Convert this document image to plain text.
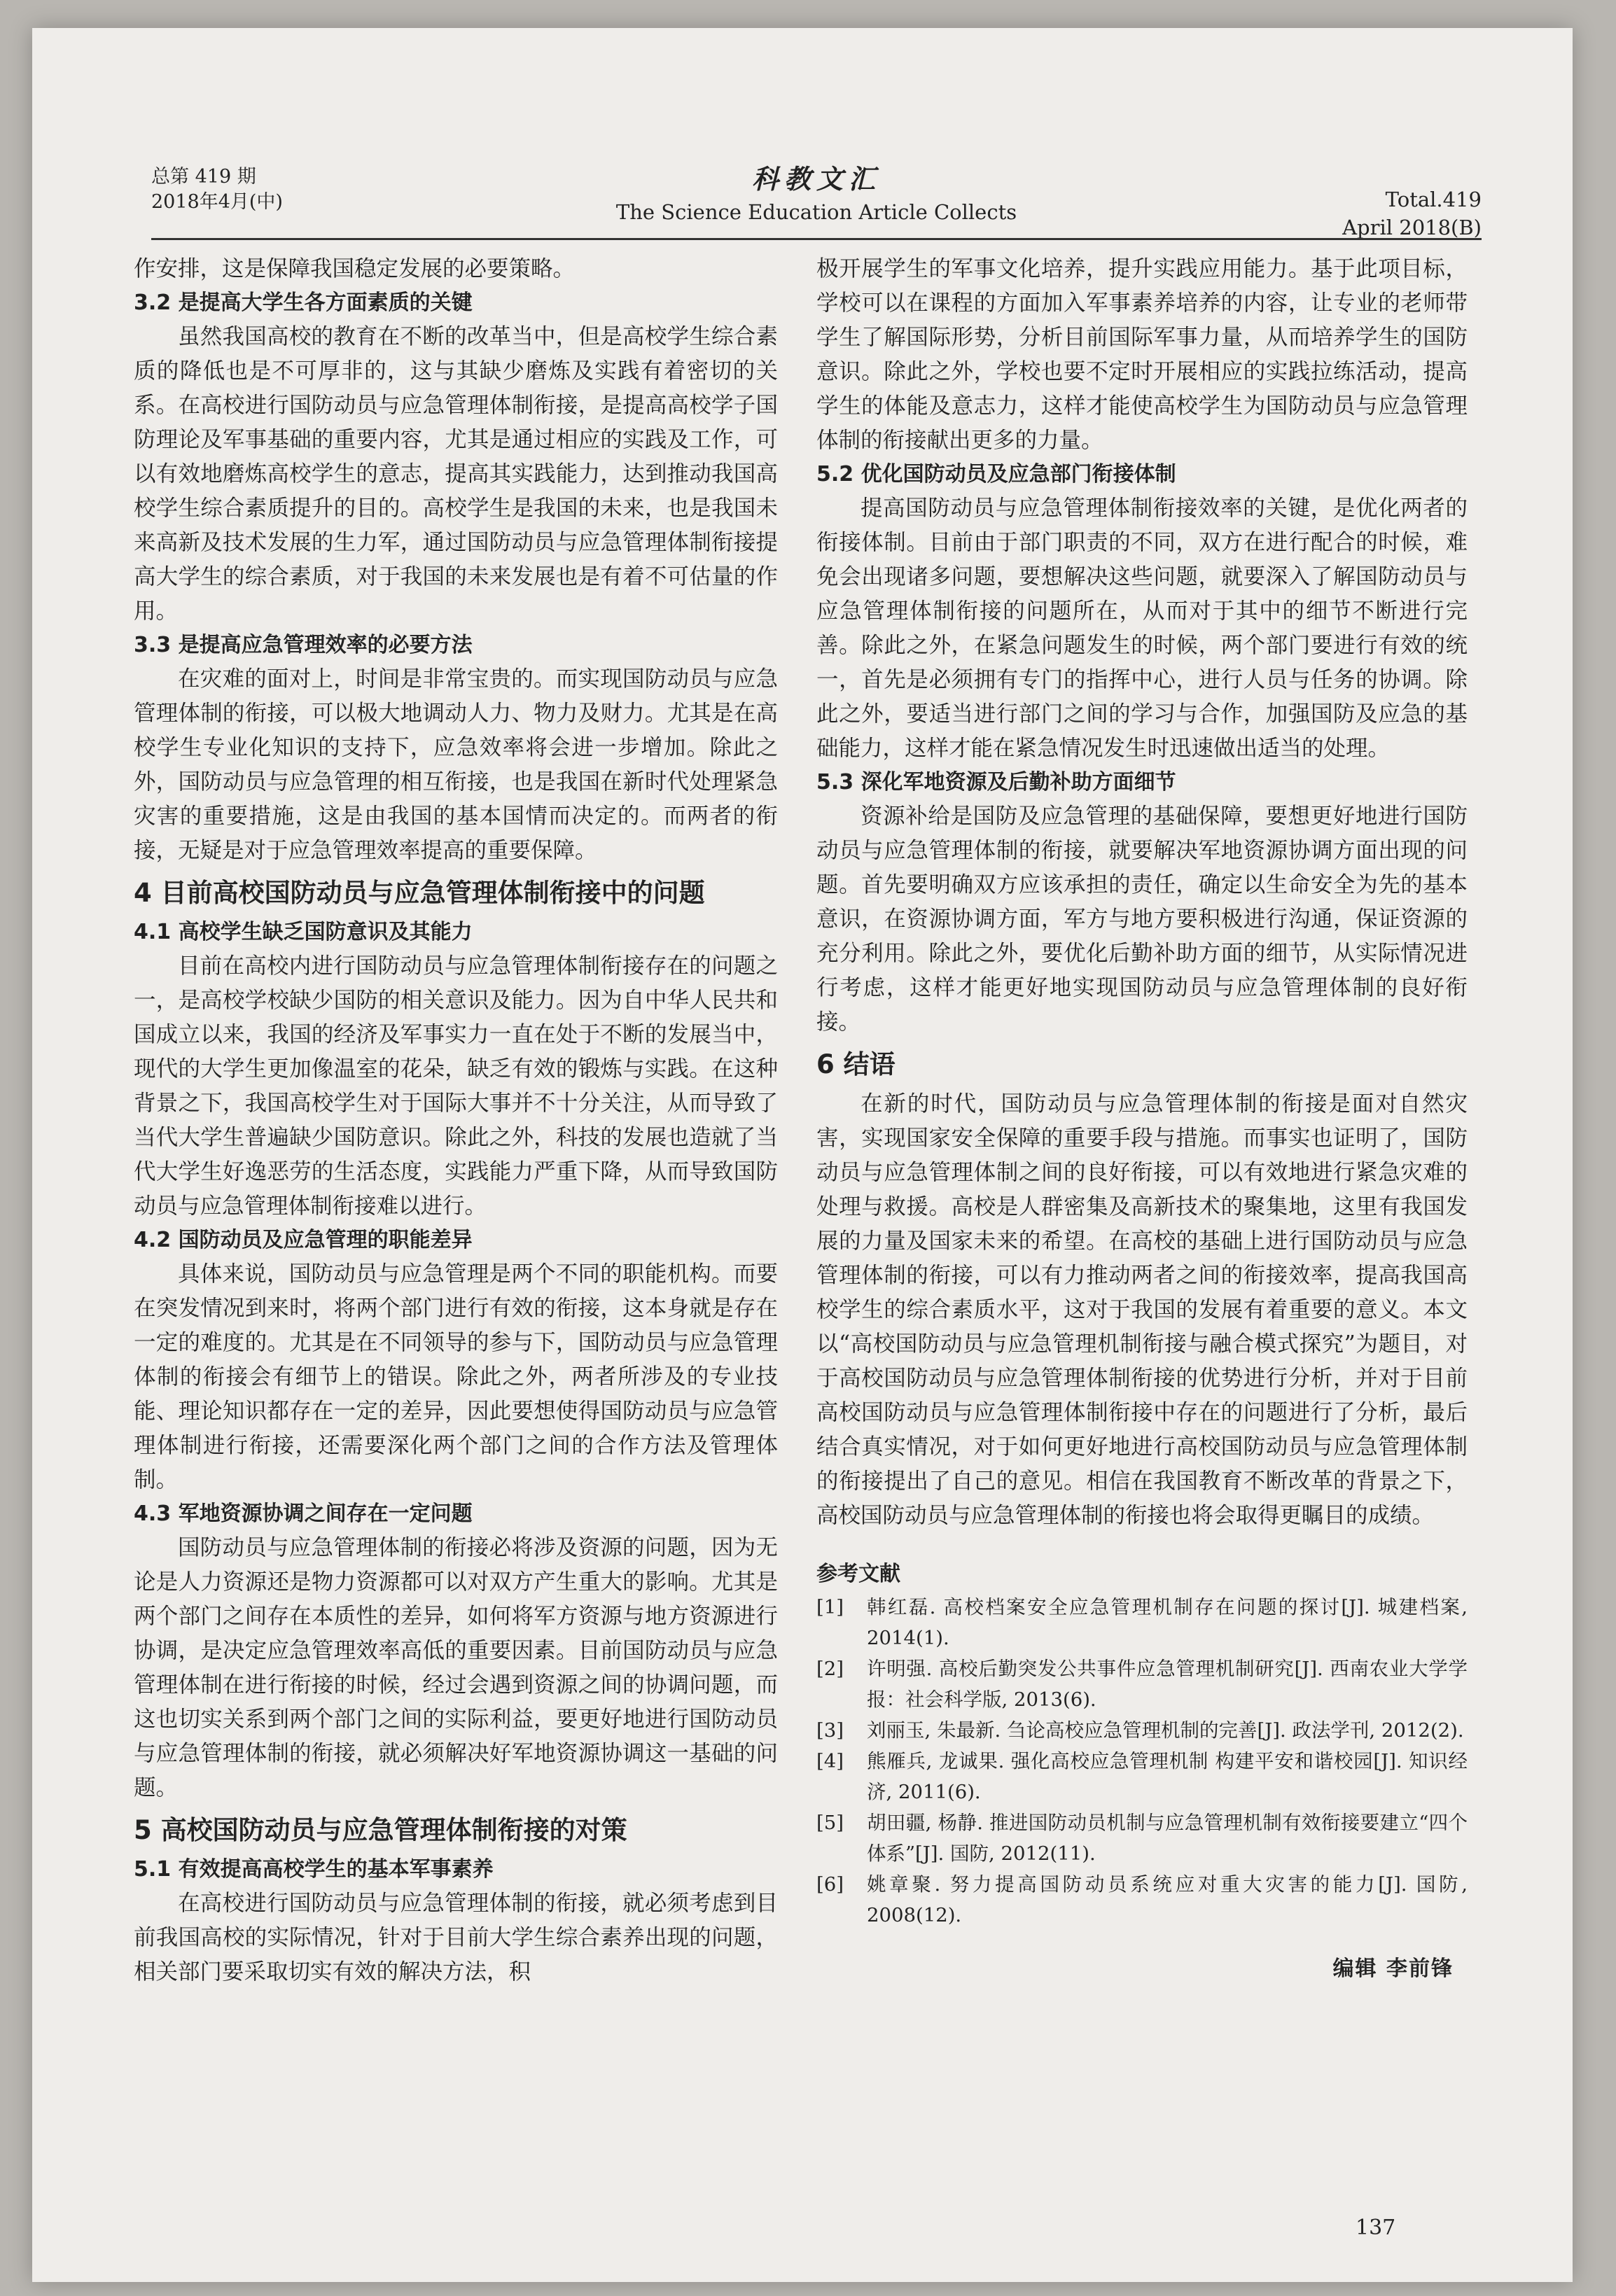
总第 419 期
2018年4月(中)
科教文汇
The Science Education Article Collects
Total.419
April 2018(B)

作安排，这是保障我国稳定发展的必要策略。

3.2 是提高大学生各方面素质的关键

虽然我国高校的教育在不断的改革当中，但是高校学生综合素质的降低也是不可厚非的，这与其缺少磨炼及实践有着密切的关系。在高校进行国防动员与应急管理体制衔接，是提高高校学子国防理论及军事基础的重要内容，尤其是通过相应的实践及工作，可以有效地磨炼高校学生的意志，提高其实践能力，达到推动我国高校学生综合素质提升的目的。高校学生是我国的未来，也是我国未来高新及技术发展的生力军，通过国防动员与应急管理体制衔接提高大学生的综合素质，对于我国的未来发展也是有着不可估量的作用。

3.3 是提高应急管理效率的必要方法

在灾难的面对上，时间是非常宝贵的。而实现国防动员与应急管理体制的衔接，可以极大地调动人力、物力及财力。尤其是在高校学生专业化知识的支持下，应急效率将会进一步增加。除此之外，国防动员与应急管理的相互衔接，也是我国在新时代处理紧急灾害的重要措施，这是由我国的基本国情而决定的。而两者的衔接，无疑是对于应急管理效率提高的重要保障。

4 目前高校国防动员与应急管理体制衔接中的问题
4.1 高校学生缺乏国防意识及其能力

目前在高校内进行国防动员与应急管理体制衔接存在的问题之一，是高校学校缺少国防的相关意识及能力。因为自中华人民共和国成立以来，我国的经济及军事实力一直在处于不断的发展当中，现代的大学生更加像温室的花朵，缺乏有效的锻炼与实践。在这种背景之下，我国高校学生对于国际大事并不十分关注，从而导致了当代大学生普遍缺少国防意识。除此之外，科技的发展也造就了当代大学生好逸恶劳的生活态度，实践能力严重下降，从而导致国防动员与应急管理体制衔接难以进行。

4.2 国防动员及应急管理的职能差异

具体来说，国防动员与应急管理是两个不同的职能机构。而要在突发情况到来时，将两个部门进行有效的衔接，这本身就是存在一定的难度的。尤其是在不同领导的参与下，国防动员与应急管理体制的衔接会有细节上的错误。除此之外，两者所涉及的专业技能、理论知识都存在一定的差异，因此要想使得国防动员与应急管理体制进行衔接，还需要深化两个部门之间的合作方法及管理体制。

4.3 军地资源协调之间存在一定问题

国防动员与应急管理体制的衔接必将涉及资源的问题，因为无论是人力资源还是物力资源都可以对双方产生重大的影响。尤其是两个部门之间存在本质性的差异，如何将军方资源与地方资源进行协调，是决定应急管理效率高低的重要因素。目前国防动员与应急管理体制在进行衔接的时候，经过会遇到资源之间的协调问题，而这也切实关系到两个部门之间的实际利益，要更好地进行国防动员与应急管理体制的衔接，就必须解决好军地资源协调这一基础的问题。

5 高校国防动员与应急管理体制衔接的对策
5.1 有效提高高校学生的基本军事素养

在高校进行国防动员与应急管理体制的衔接，就必须考虑到目前我国高校的实际情况，针对于目前大学生综合素养出现的问题，相关部门要采取切实有效的解决方法，积

极开展学生的军事文化培养，提升实践应用能力。基于此项目标，学校可以在课程的方面加入军事素养培养的内容，让专业的老师带学生了解国际形势，分析目前国际军事力量，从而培养学生的国防意识。除此之外，学校也要不定时开展相应的实践拉练活动，提高学生的体能及意志力，这样才能使高校学生为国防动员与应急管理体制的衔接献出更多的力量。

5.2 优化国防动员及应急部门衔接体制

提高国防动员与应急管理体制衔接效率的关键，是优化两者的衔接体制。目前由于部门职责的不同，双方在进行配合的时候，难免会出现诸多问题，要想解决这些问题，就要深入了解国防动员与应急管理体制衔接的问题所在，从而对于其中的细节不断进行完善。除此之外，在紧急问题发生的时候，两个部门要进行有效的统一，首先是必须拥有专门的指挥中心，进行人员与任务的协调。除此之外，要适当进行部门之间的学习与合作，加强国防及应急的基础能力，这样才能在紧急情况发生时迅速做出适当的处理。

5.3 深化军地资源及后勤补助方面细节

资源补给是国防及应急管理的基础保障，要想更好地进行国防动员与应急管理体制的衔接，就要解决军地资源协调方面出现的问题。首先要明确双方应该承担的责任，确定以生命安全为先的基本意识，在资源协调方面，军方与地方要积极进行沟通，保证资源的充分利用。除此之外，要优化后勤补助方面的细节，从实际情况进行考虑，这样才能更好地实现国防动员与应急管理体制的良好衔接。

6 结语

在新的时代，国防动员与应急管理体制的衔接是面对自然灾害，实现国家安全保障的重要手段与措施。而事实也证明了，国防动员与应急管理体制之间的良好衔接，可以有效地进行紧急灾难的处理与救援。高校是人群密集及高新技术的聚集地，这里有我国发展的力量及国家未来的希望。在高校的基础上进行国防动员与应急管理体制的衔接，可以有力推动两者之间的衔接效率，提高我国高校学生的综合素质水平，这对于我国的发展有着重要的意义。本文以“高校国防动员与应急管理机制衔接与融合模式探究”为题目，对于高校国防动员与应急管理体制衔接的优势进行分析，并对于目前高校国防动员与应急管理体制衔接中存在的问题进行了分析，最后结合真实情况，对于如何更好地进行高校国防动员与应急管理体制的衔接提出了自己的意见。相信在我国教育不断改革的背景之下，高校国防动员与应急管理体制的衔接也将会取得更瞩目的成绩。

参考文献
[1] 韩红磊. 高校档案安全应急管理机制存在问题的探讨[J]. 城建档案, 2014(1).
[2] 许明强. 高校后勤突发公共事件应急管理机制研究[J]. 西南农业大学学报：社会科学版, 2013(6).
[3] 刘丽玉, 朱最新. 刍论高校应急管理机制的完善[J]. 政法学刊, 2012(2).
[4] 熊雁兵, 龙诚果. 强化高校应急管理机制 构建平安和谐校园[J]. 知识经济, 2011(6).
[5] 胡田疆, 杨静. 推进国防动员机制与应急管理机制有效衔接要建立“四个体系”[J]. 国防, 2012(11).
[6] 姚章聚. 努力提高国防动员系统应对重大灾害的能力[J]. 国防, 2008(12).
编辑 李前锋
137
